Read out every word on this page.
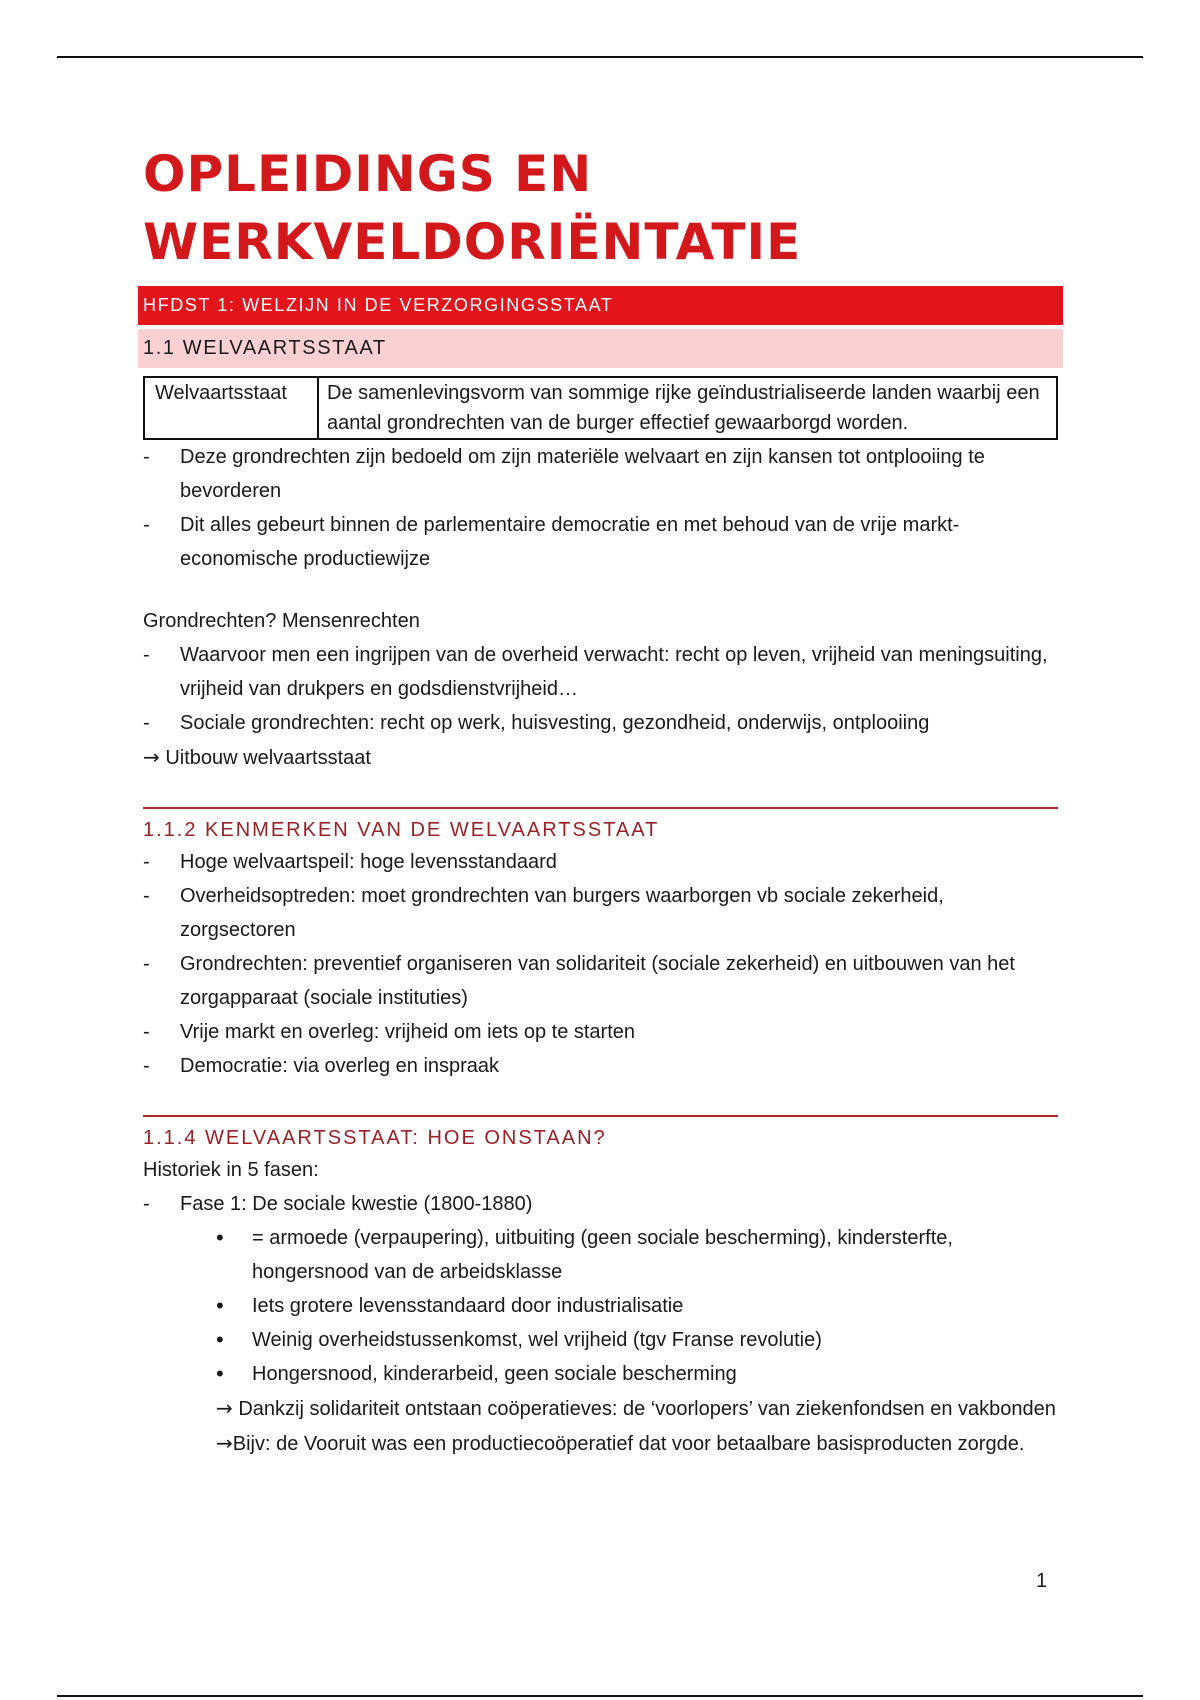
OPLEIDINGS EN
WERKVELDORIËNTATIE
HFDST 1: WELZIJN IN DE VERZORGINGSSTAAT
1.1 WELVAARTSSTAAT
Welvaartsstaat	De samenlevingsvorm van sommige rijke geïndustrialiseerde landen waarbij een aantal grondrechten van de burger effectief gewaarborgd worden.
- Deze grondrechten zijn bedoeld om zijn materiële welvaart en zijn kansen tot ontplooiing te bevorderen
- Dit alles gebeurt binnen de parlementaire democratie en met behoud van de vrije markt-economische productiewijze

Grondrechten? Mensenrechten

- Waarvoor men een ingrijpen van de overheid verwacht: recht op leven, vrijheid van meningsuiting, vrijheid van drukpers en godsdienstvrijheid…
- Sociale grondrechten: recht op werk, huisvesting, gezondheid, onderwijs, ontplooiing

→ Uitbouw welvaartsstaat

1.1.2 KENMERKEN VAN DE WELVAARTSSTAAT
- Hoge welvaartspeil: hoge levensstandaard
- Overheidsoptreden: moet grondrechten van burgers waarborgen vb sociale zekerheid, zorgsectoren
- Grondrechten: preventief organiseren van solidariteit (sociale zekerheid) en uitbouwen van het zorgapparaat (sociale instituties)
- Vrije markt en overleg: vrijheid om iets op te starten
- Democratie: via overleg en inspraak
1.1.4 WELVAARTSSTAAT: HOE ONSTAAN?

Historiek in 5 fasen:

- Fase 1: De sociale kwestie (1800-1880)
• = armoede (verpaupering), uitbuiting (geen sociale bescherming), kindersterfte, hongersnood van de arbeidsklasse
• Iets grotere levensstandaard door industrialisatie
• Weinig overheidstussenkomst, wel vrijheid (tgv Franse revolutie)
• Hongersnood, kinderarbeid, geen sociale bescherming

→ Dankzij solidariteit ontstaan coöperatieves: de ‘voorlopers’ van ziekenfondsen en vakbonden

→Bijv: de Vooruit was een productiecoöperatief dat voor betaalbare basisproducten zorgde.

1
